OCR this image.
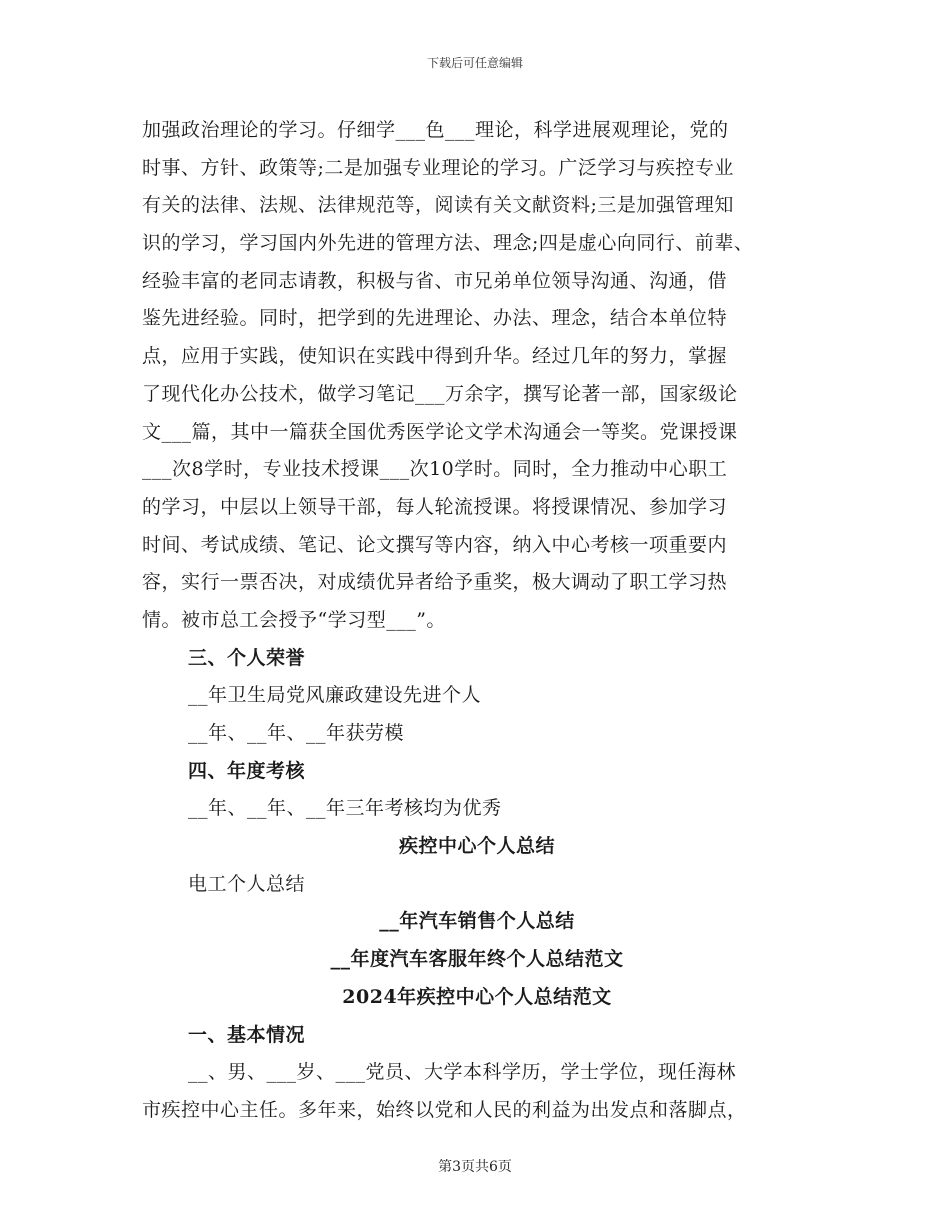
下载后可任意编辑
加强政治理论的学习。仔细学___色___理论，科学进展观理论，党的
时事、方针、政策等;二是加强专业理论的学习。广泛学习与疾控专业
有关的法律、法规、法律规范等，阅读有关文献资料;三是加强管理知
识的学习，学习国内外先进的管理方法、理念;四是虚心向同行、前辈、
经验丰富的老同志请教，积极与省、市兄弟单位领导沟通、沟通，借
鉴先进经验。同时，把学到的先进理论、办法、理念，结合本单位特
点，应用于实践，使知识在实践中得到升华。经过几年的努力，掌握
了现代化办公技术，做学习笔记___万余字，撰写论著一部，国家级论
文___篇，其中一篇获全国优秀医学论文学术沟通会一等奖。党课授课
___次8学时，专业技术授课___次10学时。同时，全力推动中心职工
的学习，中层以上领导干部，每人轮流授课。将授课情况、参加学习
时间、考试成绩、笔记、论文撰写等内容，纳入中心考核一项重要内
容，实行一票否决，对成绩优异者给予重奖，极大调动了职工学习热
情。被市总工会授予“学习型___”。
三、个人荣誉
__年卫生局党风廉政建设先进个人
__年、__年、__年获劳模
四、年度考核
__年、__年、__年三年考核均为优秀
疾控中心个人总结
电工个人总结
__年汽车销售个人总结
__年度汽车客服年终个人总结范文
2024年疾控中心个人总结范文
一、基本情况
__、男、___岁、___党员、大学本科学历，学士学位，现任海林
市疾控中心主任。多年来，始终以党和人民的利益为出发点和落脚点，
第3页共6页
